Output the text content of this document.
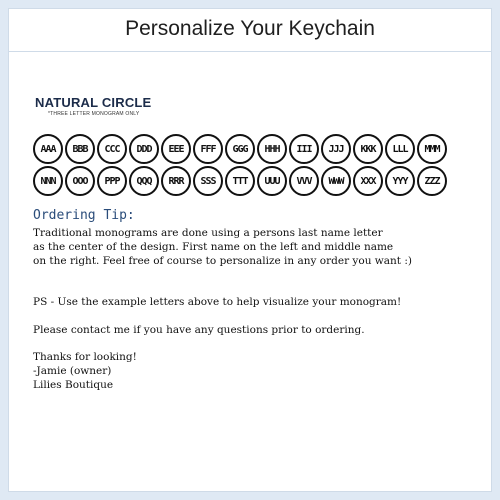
Personalize Your Keychain
NATURAL CIRCLE
*THREE LETTER MONOGRAM ONLY
AAA	BBB	CCC	DDD	EEE	FFF	GGG	HHH	III	JJJ	KKK	LLL	MMM
NNN	OOO	PPP	QQQ	RRR	SSS	TTT	UUU	VVV	WWW	XXX	YYY	ZZZ
Ordering Tip:
Traditional monograms are done using a persons last name letter
as the center of the design. First name on the left and middle name
on the right. Feel free of course to personalize in any order you want :)
PS - Use the example letters above to help visualize your monogram!
Please contact me if you have any questions prior to ordering.
Thanks for looking!
-Jamie (owner)
Lilies Boutique
